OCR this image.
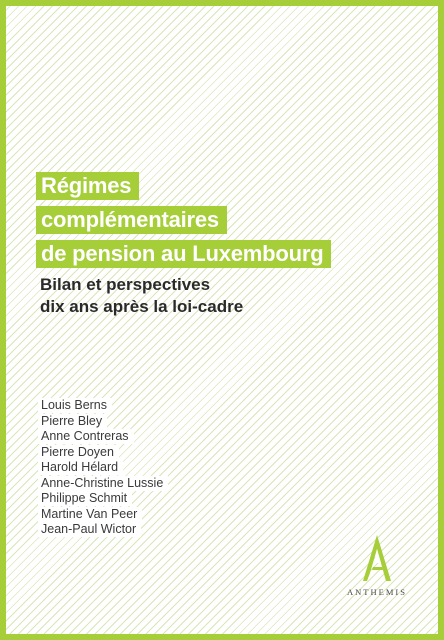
Régimes
complémentaires
de pension au Luxembourg
Bilan et perspectives
dix ans après la loi-cadre
Louis Berns
Pierre Bley
Anne Contreras
Pierre Doyen
Harold Hélard
Anne-Christine Lussie
Philippe Schmit
Martine Van Peer
Jean-Paul Wictor
ANTHEMIS
